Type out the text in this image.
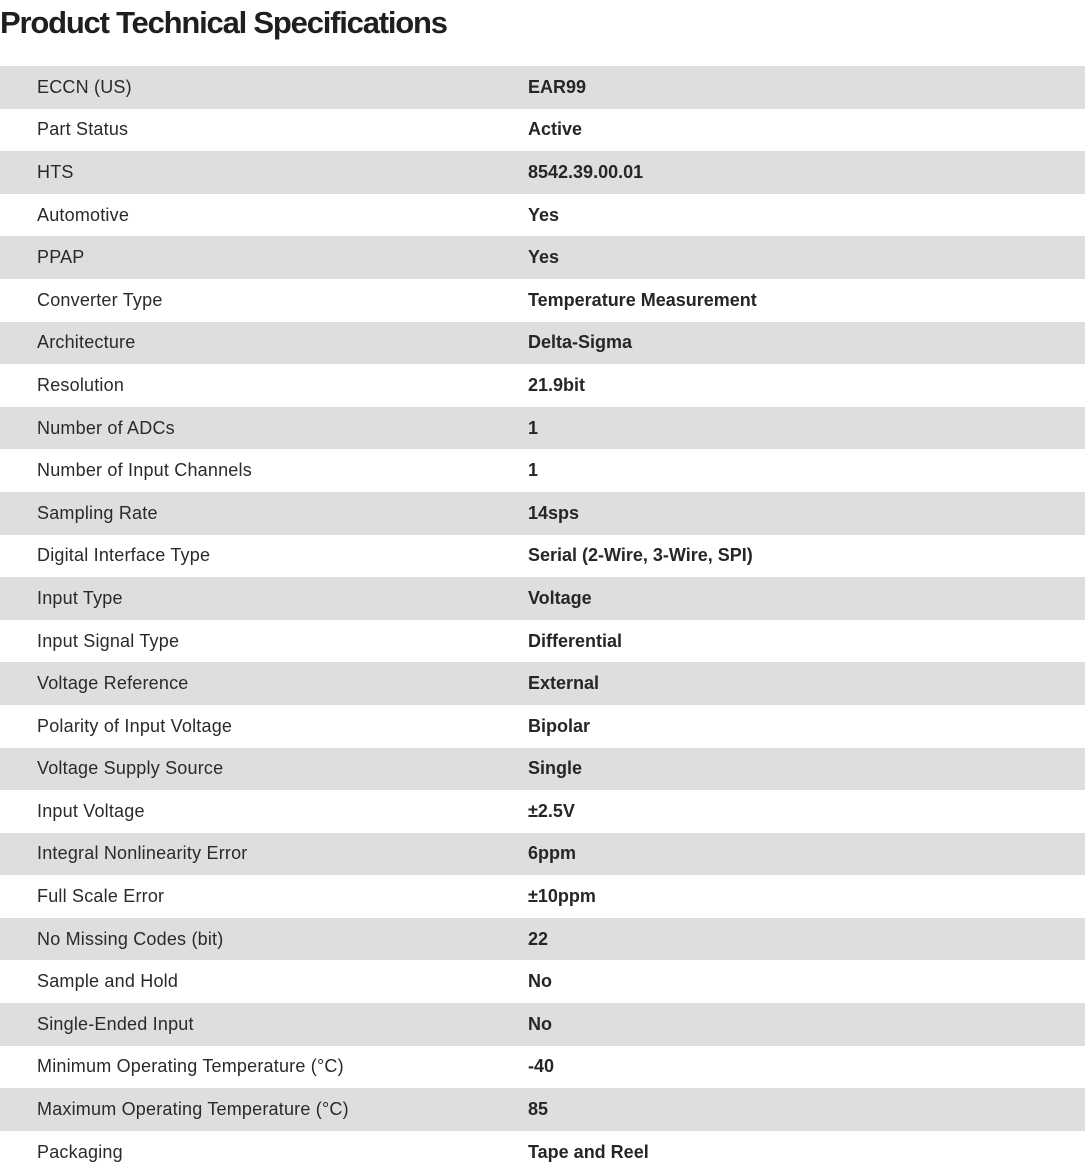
Product Technical Specifications
ECCN (US)	EAR99
Part Status	Active
HTS	8542.39.00.01
Automotive	Yes
PPAP	Yes
Converter Type	Temperature Measurement
Architecture	Delta-Sigma
Resolution	21.9bit
Number of ADCs	1
Number of Input Channels	1
Sampling Rate	14sps
Digital Interface Type	Serial (2-Wire, 3-Wire, SPI)
Input Type	Voltage
Input Signal Type	Differential
Voltage Reference	External
Polarity of Input Voltage	Bipolar
Voltage Supply Source	Single
Input Voltage	±2.5V
Integral Nonlinearity Error	6ppm
Full Scale Error	±10ppm
No Missing Codes (bit)	22
Sample and Hold	No
Single-Ended Input	No
Minimum Operating Temperature (°C)	-40
Maximum Operating Temperature (°C)	85
Packaging	Tape and Reel
